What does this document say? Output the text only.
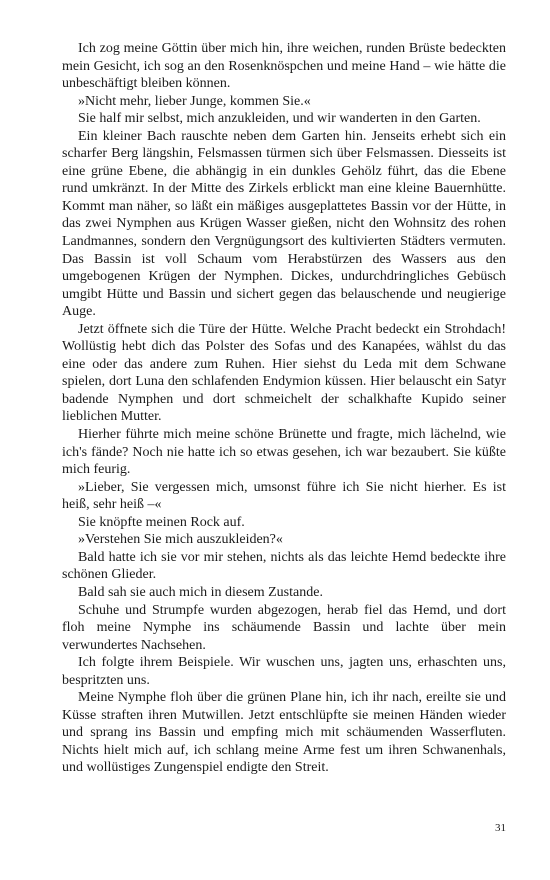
Ich zog meine Göttin über mich hin, ihre weichen, runden Brüste bedeckten mein Gesicht, ich sog an den Rosenknöspchen und meine Hand – wie hätte die unbeschäftigt bleiben können.

»Nicht mehr, lieber Junge, kommen Sie.«

Sie half mir selbst, mich anzukleiden, und wir wanderten in den Garten.

Ein kleiner Bach rauschte neben dem Garten hin. Jenseits erhebt sich ein scharfer Berg längshin, Felsmassen türmen sich über Felsmassen. Diesseits ist eine grüne Ebene, die abhängig in ein dunkles Gehölz führt, das die Ebene rund umkränzt. In der Mitte des Zirkels erblickt man eine kleine Bauernhütte. Kommt man näher, so läßt ein mäßiges ausgeplattetes Bassin vor der Hütte, in das zwei Nymphen aus Krügen Wasser gießen, nicht den Wohnsitz des rohen Landmannes, sondern den Vergnügungsort des kultivierten Städters vermuten. Das Bassin ist voll Schaum vom Herabstürzen des Wassers aus den umgebogenen Krügen der Nymphen. Dickes, undurchdringliches Gebüsch umgibt Hütte und Bassin und sichert gegen das belauschende und neugierige Auge.

Jetzt öffnete sich die Türe der Hütte. Welche Pracht bedeckt ein Strohdach! Wollüstig hebt dich das Polster des Sofas und des Kanapées, wählst du das eine oder das andere zum Ruhen. Hier siehst du Leda mit dem Schwane spielen, dort Luna den schlafenden Endymion küssen. Hier belauscht ein Satyr badende Nymphen und dort schmeichelt der schalkhafte Kupido seiner lieblichen Mutter.

Hierher führte mich meine schöne Brünette und fragte, mich lächelnd, wie ich's fände? Noch nie hatte ich so etwas gesehen, ich war bezaubert. Sie küßte mich feurig.

»Lieber, Sie vergessen mich, umsonst führe ich Sie nicht hierher. Es ist heiß, sehr heiß –«

Sie knöpfte meinen Rock auf.

»Verstehen Sie mich auszukleiden?«

Bald hatte ich sie vor mir stehen, nichts als das leichte Hemd bedeckte ihre schönen Glieder.

Bald sah sie auch mich in diesem Zustande.

Schuhe und Strumpfe wurden abgezogen, herab fiel das Hemd, und dort floh meine Nymphe ins schäumende Bassin und lachte über mein verwundertes Nachsehen.

Ich folgte ihrem Beispiele. Wir wuschen uns, jagten uns, erhaschten uns, bespritzten uns.

Meine Nymphe floh über die grünen Plane hin, ich ihr nach, ereilte sie und Küsse straften ihren Mutwillen. Jetzt entschlüpfte sie meinen Händen wieder und sprang ins Bassin und empfing mich mit schäumenden Wasserfluten. Nichts hielt mich auf, ich schlang meine Arme fest um ihren Schwanenhals, und wollüstiges Zungenspiel endigte den Streit.

31
